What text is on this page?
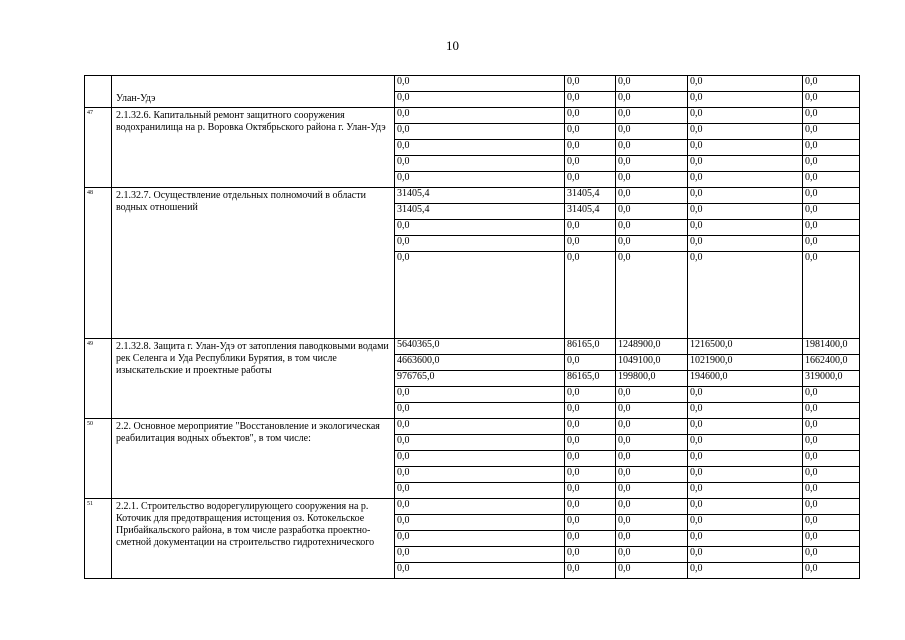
10
	Улан-Удэ	0,0	0,0	0,0	0,0	0,0
		0,0	0,0	0,0	0,0	0,0
47	2.1.32.6. Капитальный ремонт защитного сооружения водохранилища на р. Воровка Октябрьского района г. Улан-Удэ	0,0	0,0	0,0	0,0	0,0
		0,0	0,0	0,0	0,0	0,0
		0,0	0,0	0,0	0,0	0,0
		0,0	0,0	0,0	0,0	0,0
		0,0	0,0	0,0	0,0	0,0
48	2.1.32.7. Осуществление отдельных полномочий в области водных отношений	31405,4	31405,4	0,0	0,0	0,0
		31405,4	31405,4	0,0	0,0	0,0
		0,0	0,0	0,0	0,0	0,0
		0,0	0,0	0,0	0,0	0,0
		0,0	0,0	0,0	0,0	0,0
49	2.1.32.8. Защита г. Улан-Удэ от затопления паводковыми водами рек Селенга и Уда Республики Бурятия, в том числе изыскательские и проектные работы	5640365,0	86165,0	1248900,0	1216500,0	1981400,0
		4663600,0	0,0	1049100,0	1021900,0	1662400,0
		976765,0	86165,0	199800,0	194600,0	319000,0
		0,0	0,0	0,0	0,0	0,0
		0,0	0,0	0,0	0,0	0,0
50	2.2. Основное мероприятие "Восстановление и экологическая реабилитация водных объектов", в том числе:	0,0	0,0	0,0	0,0	0,0
		0,0	0,0	0,0	0,0	0,0
		0,0	0,0	0,0	0,0	0,0
		0,0	0,0	0,0	0,0	0,0
		0,0	0,0	0,0	0,0	0,0
51	2.2.1. Строительство водорегулирующего сооружения на р. Коточик для предотвращения истощения оз. Котокельское Прибайкальского района, в том числе разработка проектно-сметной документации на строительство гидротехнического	0,0	0,0	0,0	0,0	0,0
		0,0	0,0	0,0	0,0	0,0
		0,0	0,0	0,0	0,0	0,0
		0,0	0,0	0,0	0,0	0,0
		0,0	0,0	0,0	0,0	0,0
